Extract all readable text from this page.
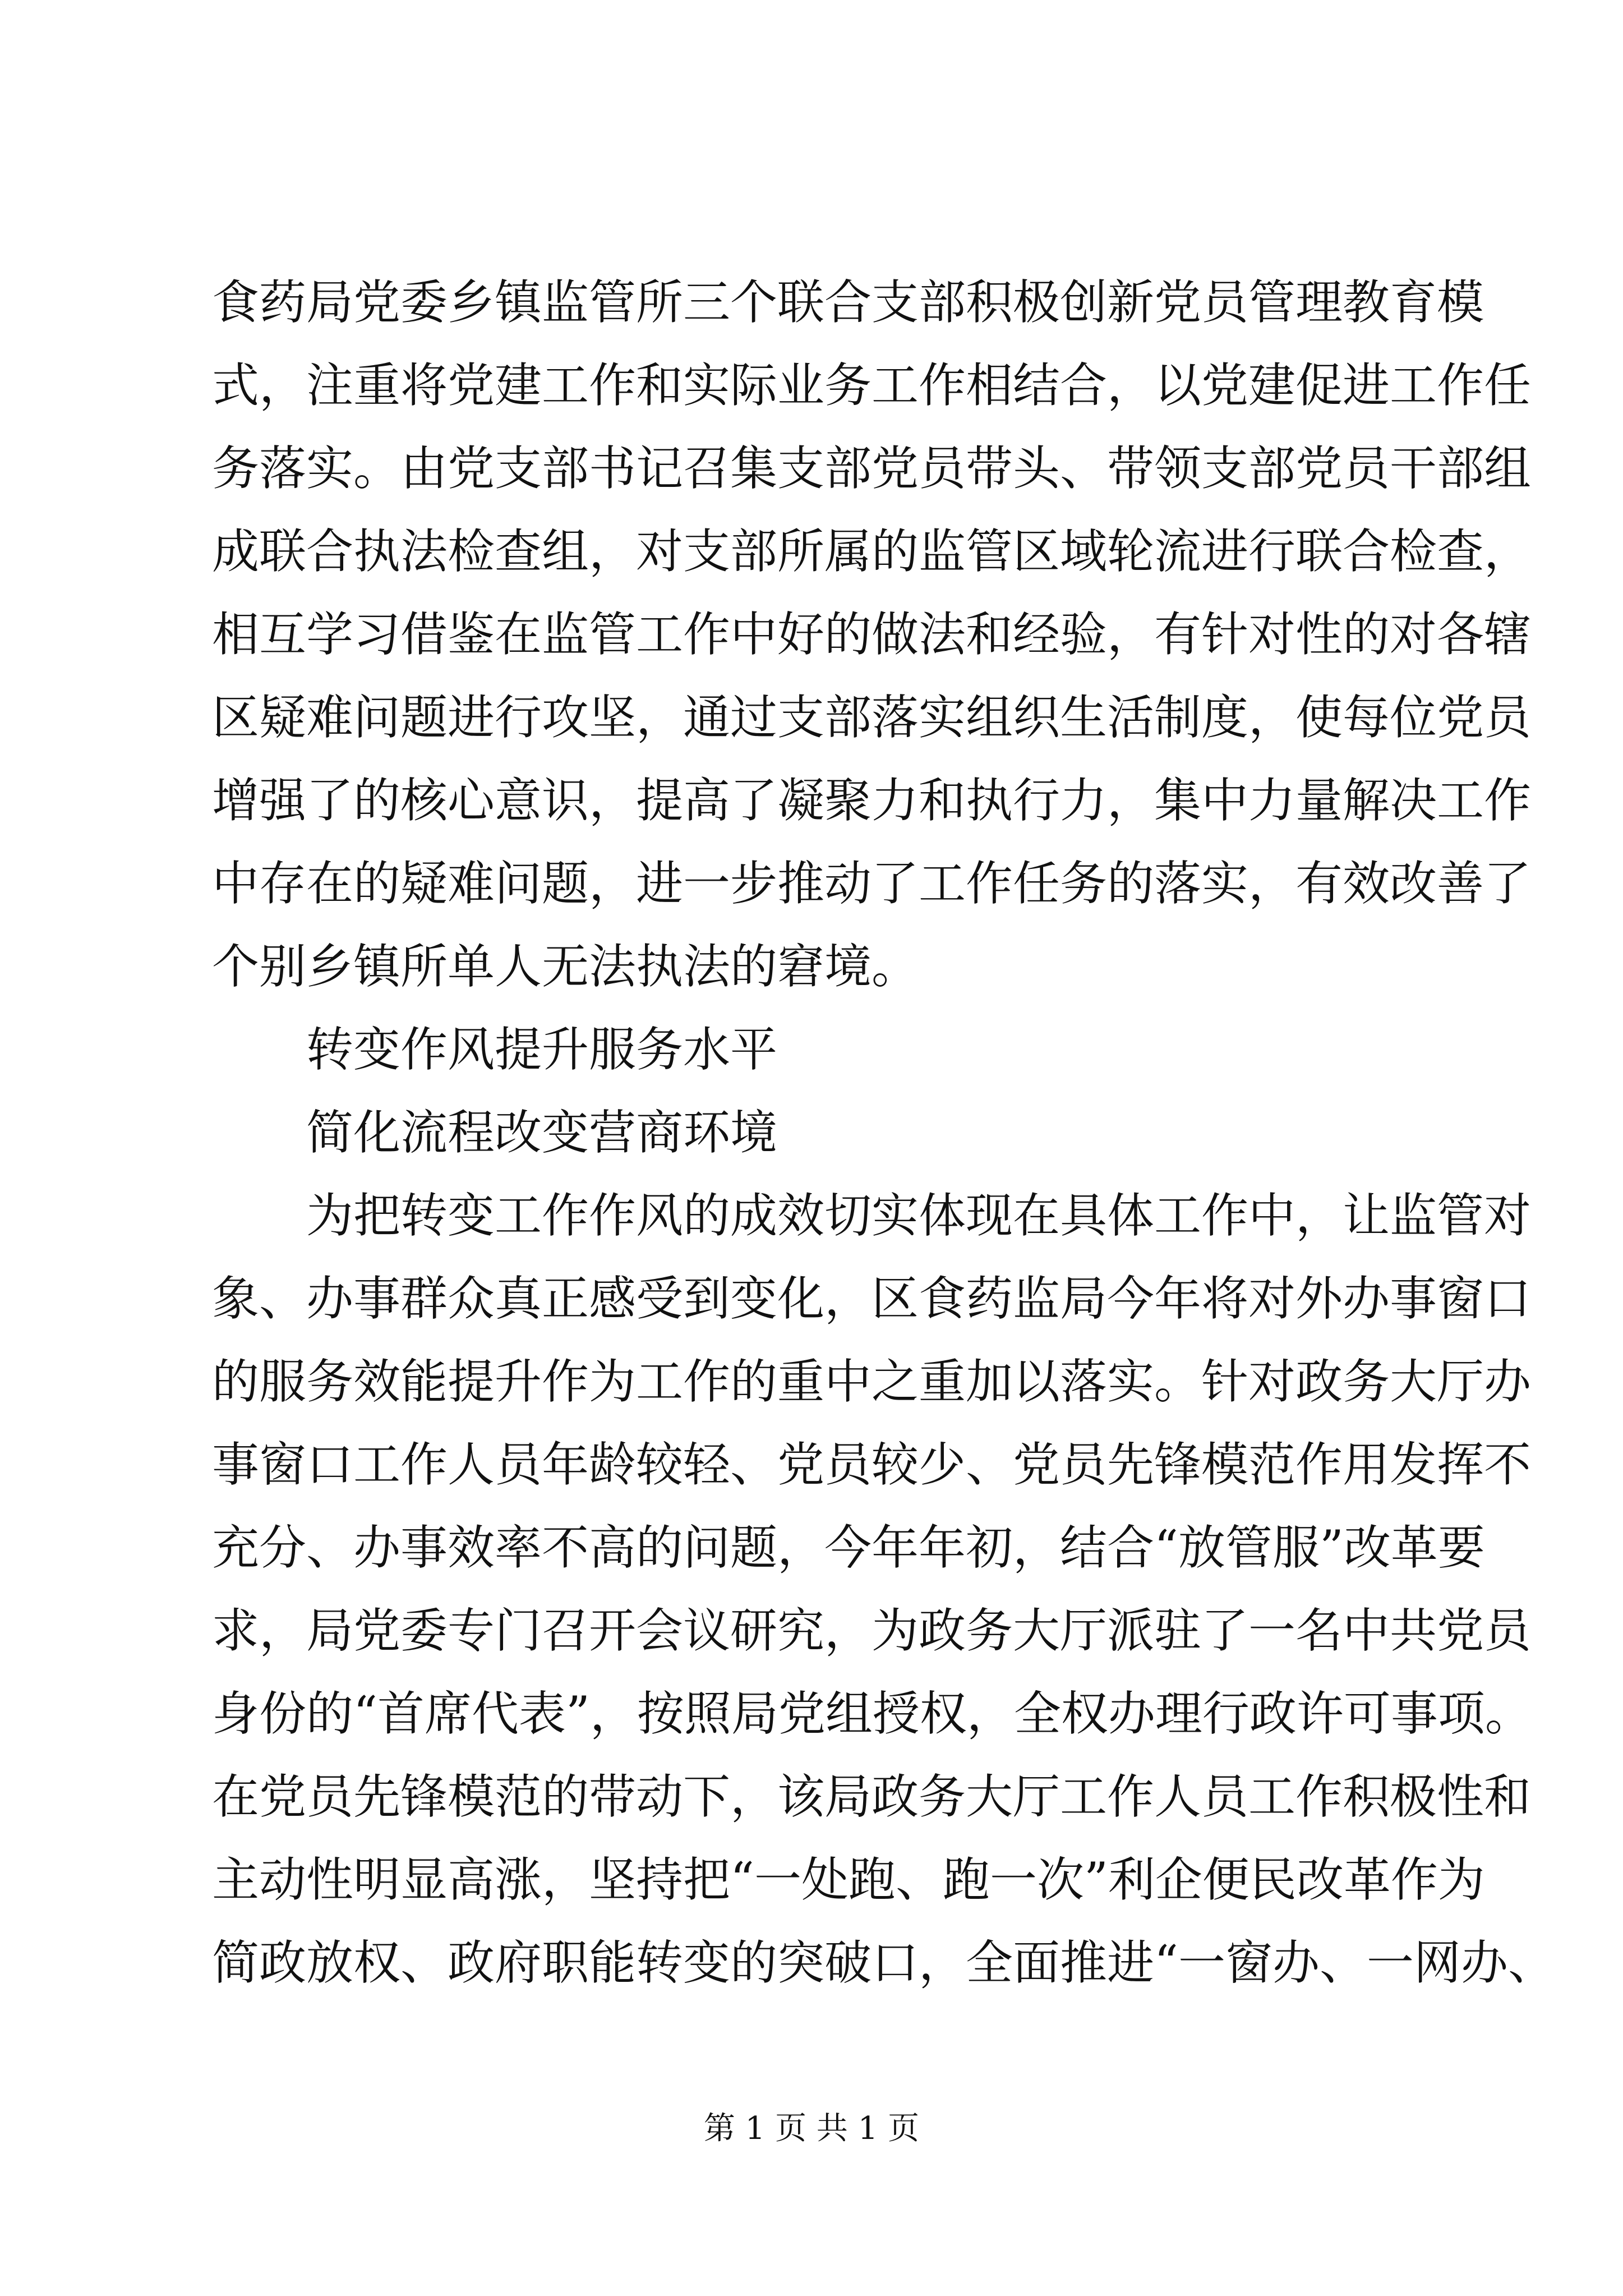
食药局党委乡镇监管所三个联合支部积极创新党员管理教育模
式，注重将党建工作和实际业务工作相结合，以党建促进工作任
务落实。由党支部书记召集支部党员带头、带领支部党员干部组
成联合执法检查组，对支部所属的监管区域轮流进行联合检查，
相互学习借鉴在监管工作中好的做法和经验，有针对性的对各辖
区疑难问题进行攻坚，通过支部落实组织生活制度，使每位党员
增强了的核心意识，提高了凝聚力和执行力，集中力量解决工作
中存在的疑难问题，进一步推动了工作任务的落实，有效改善了
个别乡镇所单人无法执法的窘境。
转变作风提升服务水平
简化流程改变营商环境
为把转变工作作风的成效切实体现在具体工作中，让监管对
象、办事群众真正感受到变化，区食药监局今年将对外办事窗口
的服务效能提升作为工作的重中之重加以落实。针对政务大厅办
事窗口工作人员年龄较轻、党员较少、党员先锋模范作用发挥不
充分、办事效率不高的问题，今年年初，结合“放管服”改革要
求，局党委专门召开会议研究，为政务大厅派驻了一名中共党员
身份的“首席代表”，按照局党组授权，全权办理行政许可事项。
在党员先锋模范的带动下，该局政务大厅工作人员工作积极性和
主动性明显高涨，坚持把“一处跑、跑一次”利企便民改革作为
简政放权、政府职能转变的突破口，全面推进“一窗办、一网办、
第 1 页 共 1 页
